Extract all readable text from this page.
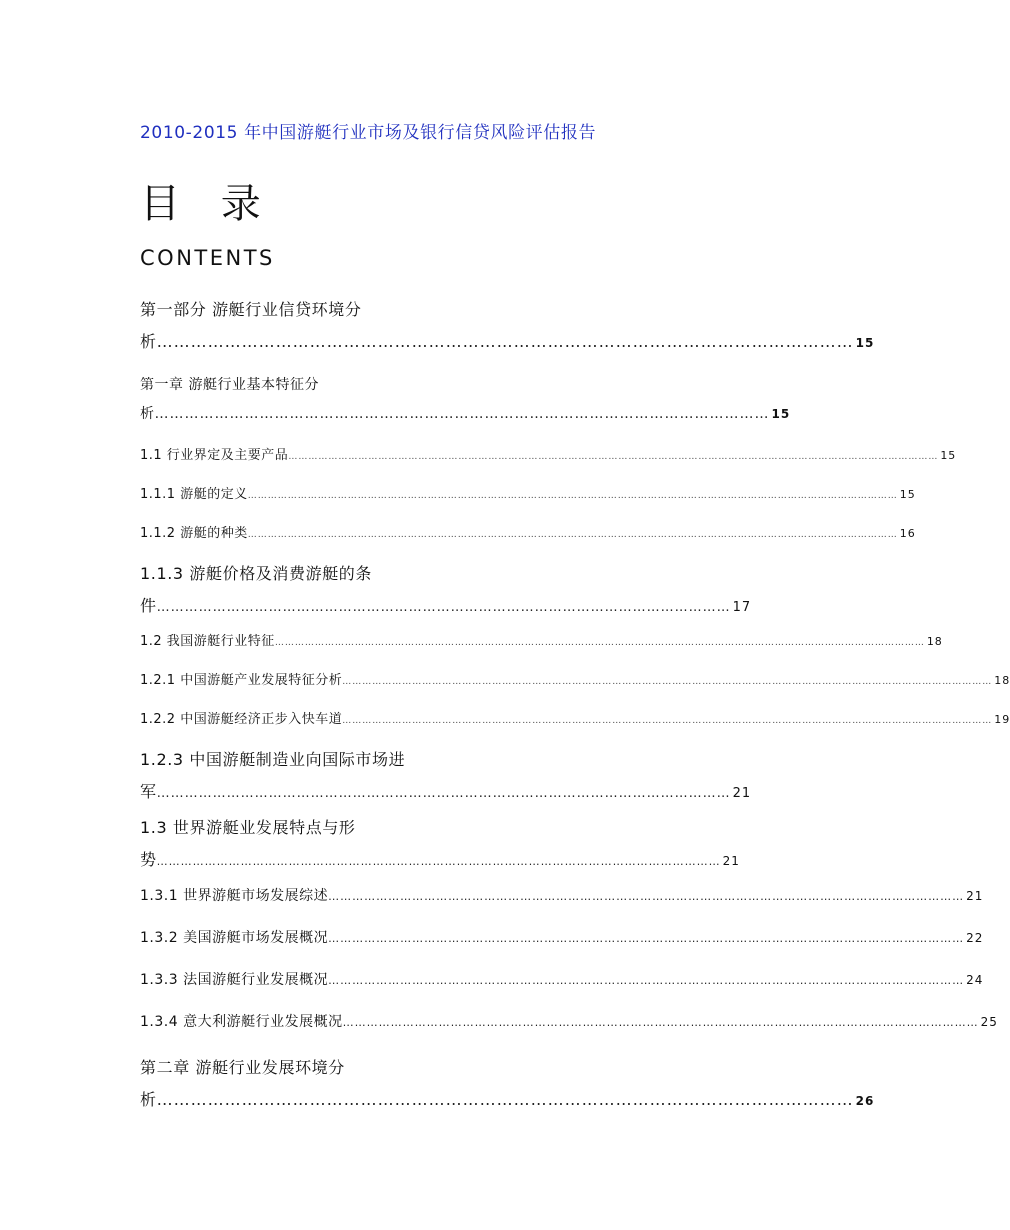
2010-2015 年中国游艇行业市场及银行信贷风险评估报告
目 录
CONTENTS
第一部分 游艇行业信贷环境分
析 …………………………………………………………………………………………………………… 15
第一章 游艇行业基本特征分
析 …………………………………………………………………………………………………………… 15
1.1 行业界定及主要产品 …………………………………………………………………………………………………………………………………………………………………………… 15
1.1.1 游艇的定义 …………………………………………………………………………………………………………………………………………………………………………… 15
1.1.2 游艇的种类 …………………………………………………………………………………………………………………………………………………………………………… 16
1.1.3 游艇价格及消费游艇的条
件 …………………………………………………………………………………………………………… 17
1.2 我国游艇行业特征 …………………………………………………………………………………………………………………………………………………………………………… 18
1.2.1 中国游艇产业发展特征分析 …………………………………………………………………………………………………………………………………………………………………………… 18
1.2.2 中国游艇经济正步入快车道 …………………………………………………………………………………………………………………………………………………………………………… 19
1.2.3 中国游艇制造业向国际市场进
军 …………………………………………………………………………………………………………… 21
1.3 世界游艇业发展特点与形
势 …………………………………………………………………………………………………………………………… 21
1.3.1 世界游艇市场发展综述 …………………………………………………………………………………………………………………………………………… 21
1.3.2 美国游艇市场发展概况 …………………………………………………………………………………………………………………………………………… 22
1.3.3 法国游艇行业发展概况 …………………………………………………………………………………………………………………………………………… 24
1.3.4 意大利游艇行业发展概况 …………………………………………………………………………………………………………………………………………… 25
第二章 游艇行业发展环境分
析 …………………………………………………………………………………………………………… 26
